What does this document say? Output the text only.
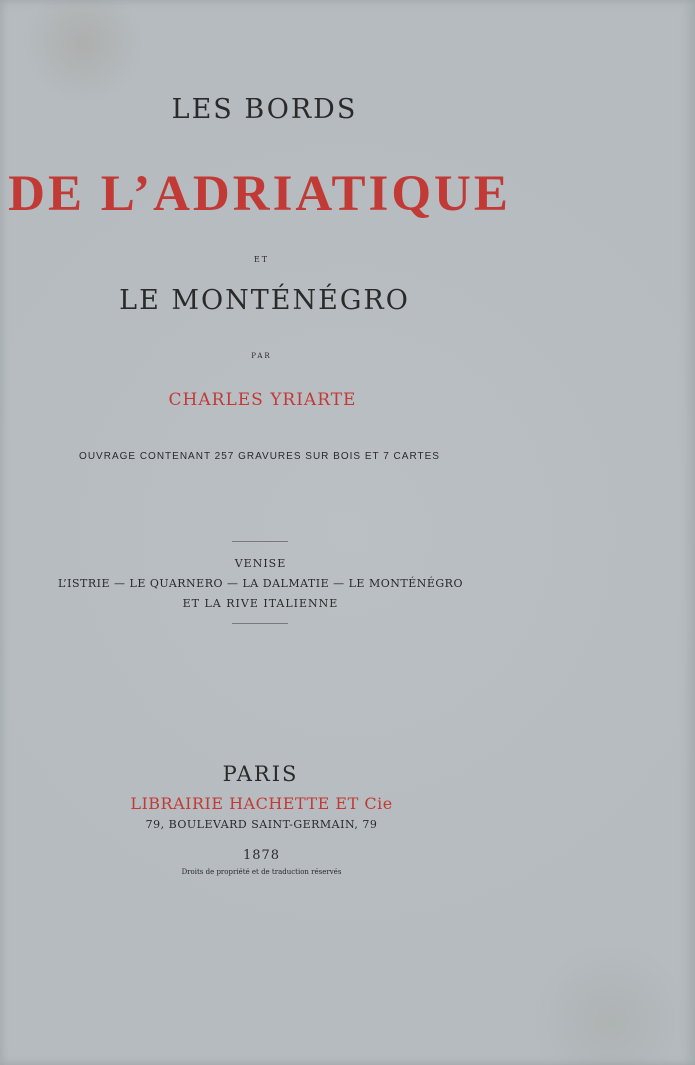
LES BORDS
DE L’ADRIATIQUE
ET
LE MONTÉNÉGRO
PAR
CHARLES YRIARTE
OUVRAGE CONTENANT 257 GRAVURES SUR BOIS ET 7 CARTES
VENISE
L’ISTRIE — LE QUARNERO — LA DALMATIE — LE MONTÉNÉGRO
ET LA RIVE ITALIENNE
PARIS
LIBRAIRIE HACHETTE ET Cie
79, BOULEVARD SAINT-GERMAIN, 79
1878
Droits de propriété et de traduction réservés
